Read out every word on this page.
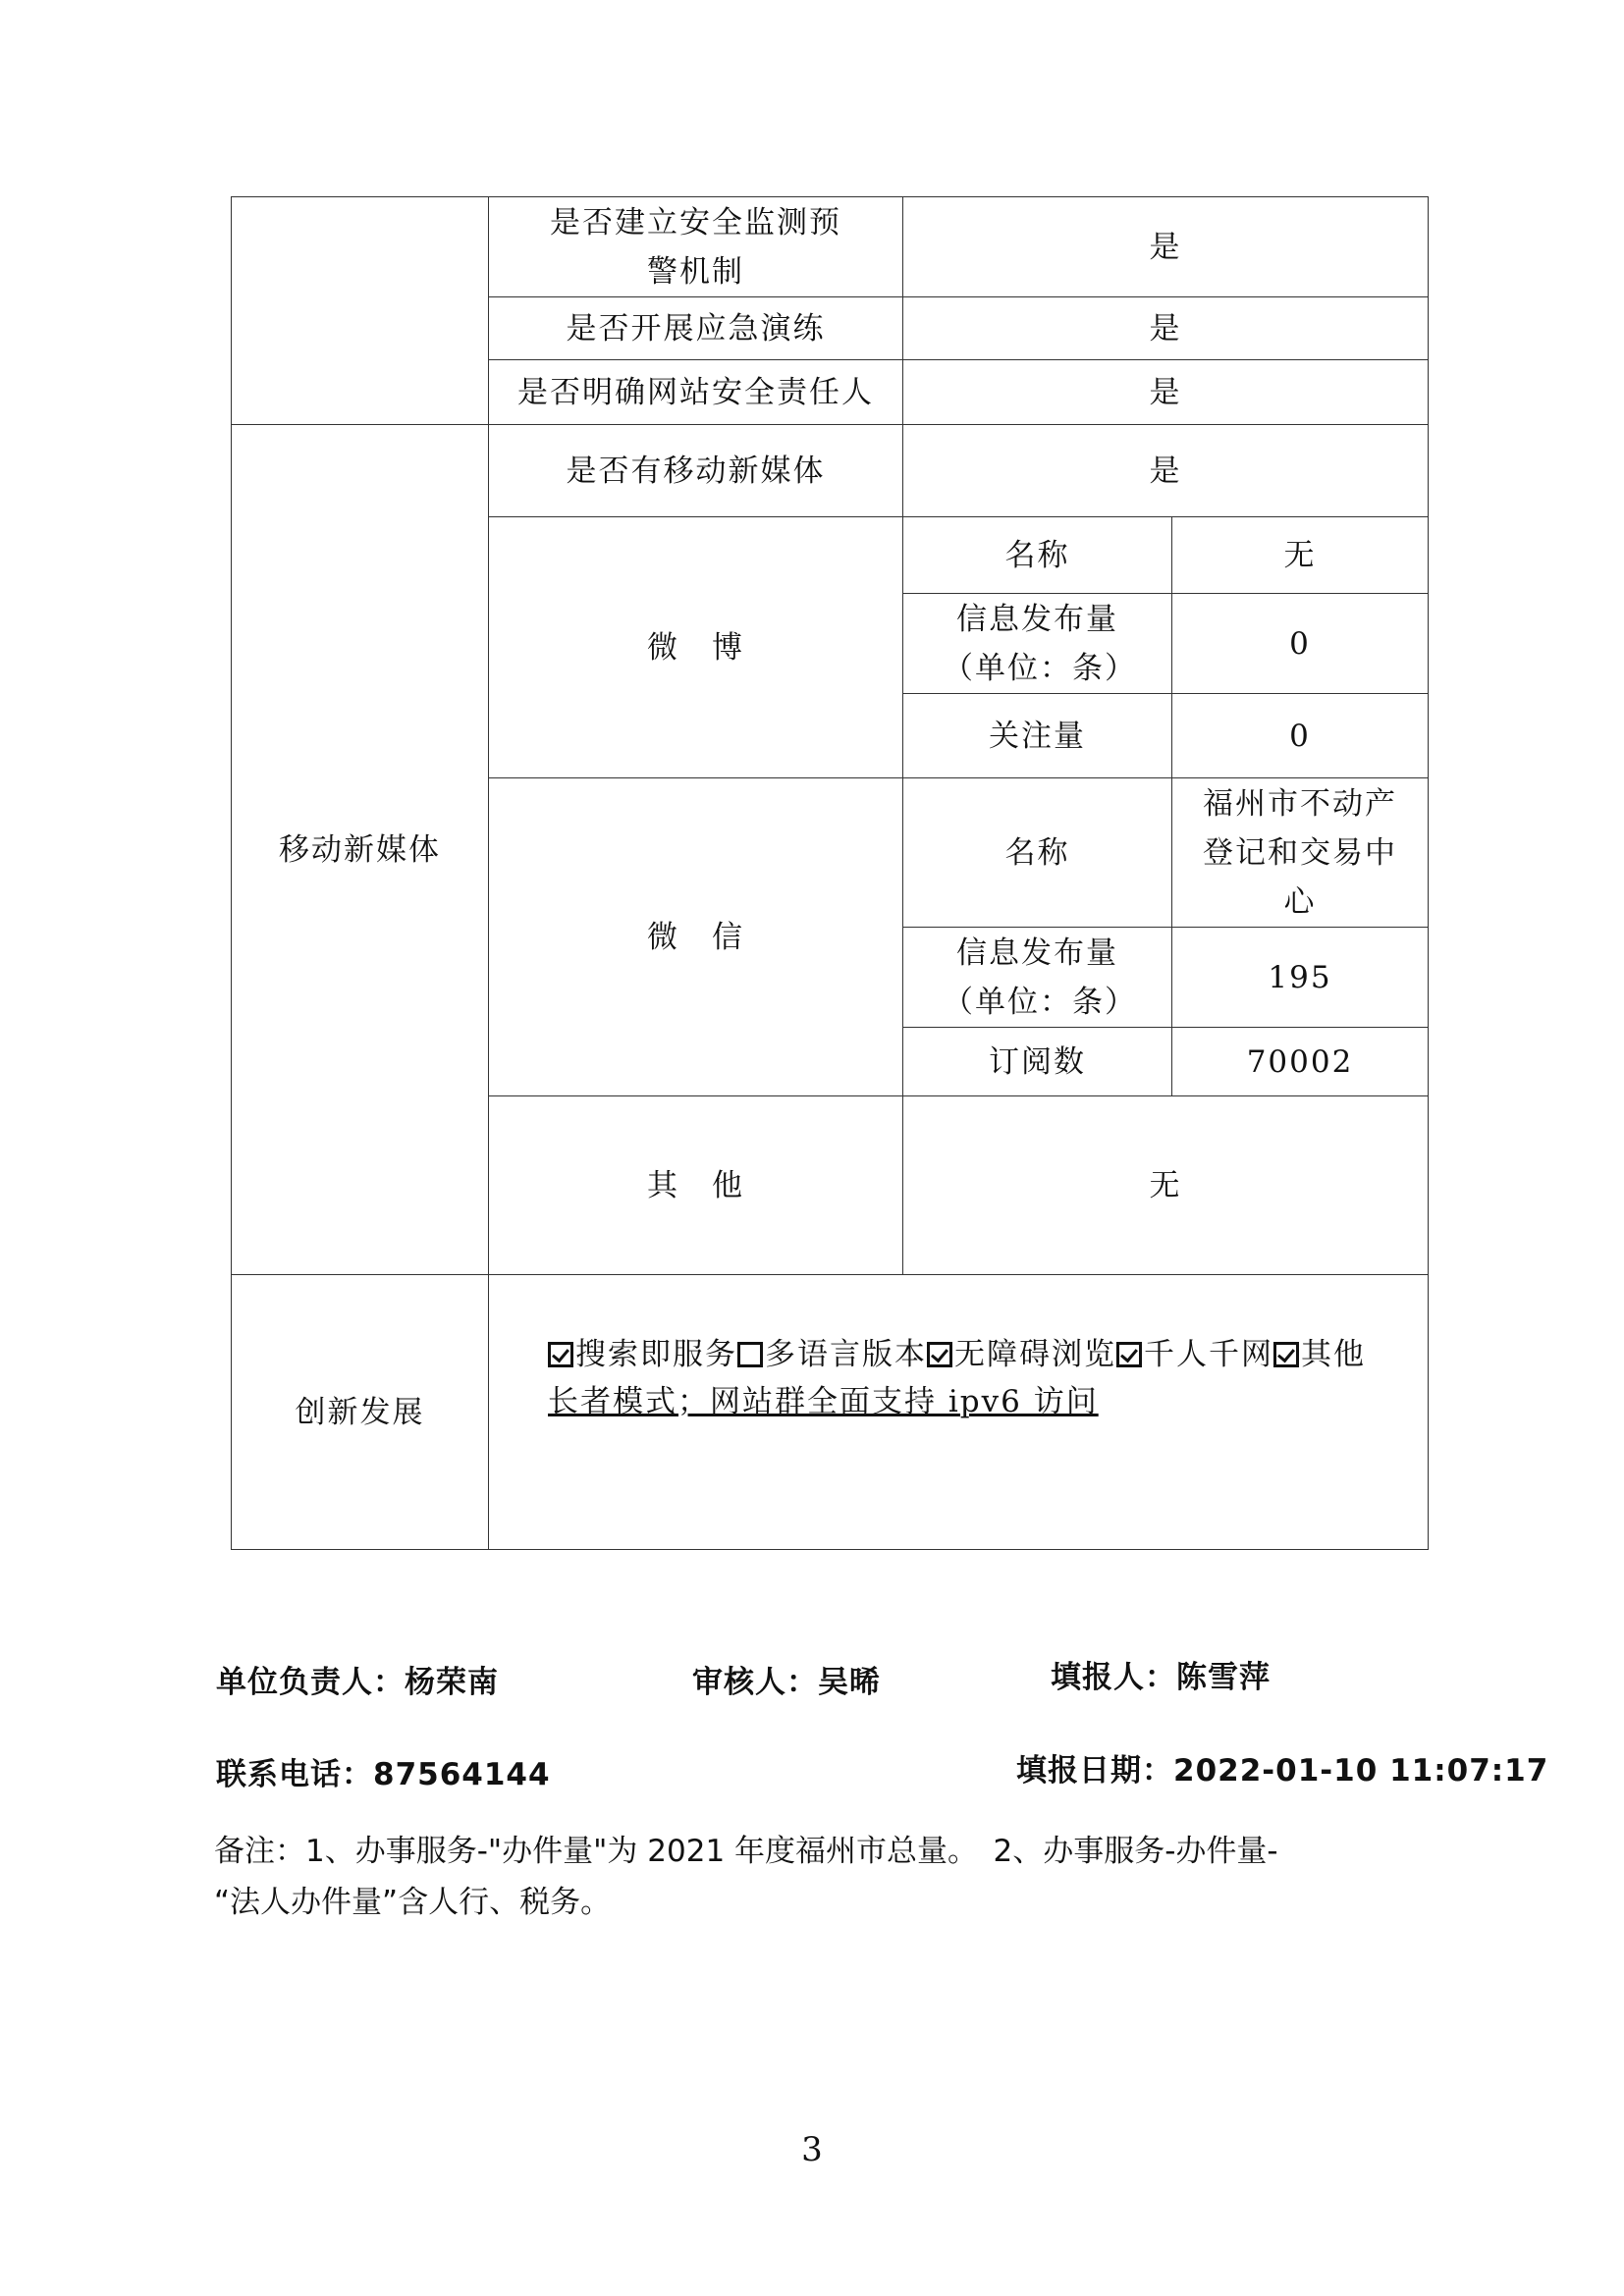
	是否建立安全监测预警机制	是	
	是否开展应急演练	是	
	是否明确网站安全责任人	是	
移动新媒体	是否有移动新媒体	是	
	微　博	名称	无
		信息发布量（单位：条）	0
		关注量	0
	微　信	名称	福州市不动产登记和交易中心
		信息发布量（单位：条）	195
		订阅数	70002
	其　他	无	
创新发展	搜索即服务 多语言版本 无障碍浏览 千人千网 其他
长者模式；网站群全面支持 ipv6 访问		
单位负责人：杨荣南	审核人：吴晞	填报人：陈雪萍
联系电话：87564144	填报日期：2022-01-10 11:07:17
备注：1、办事服务-"办件量"为 2021 年度福州市总量。　2、办事服务-办件量-
“法人办件量”含人行、税务。
3
